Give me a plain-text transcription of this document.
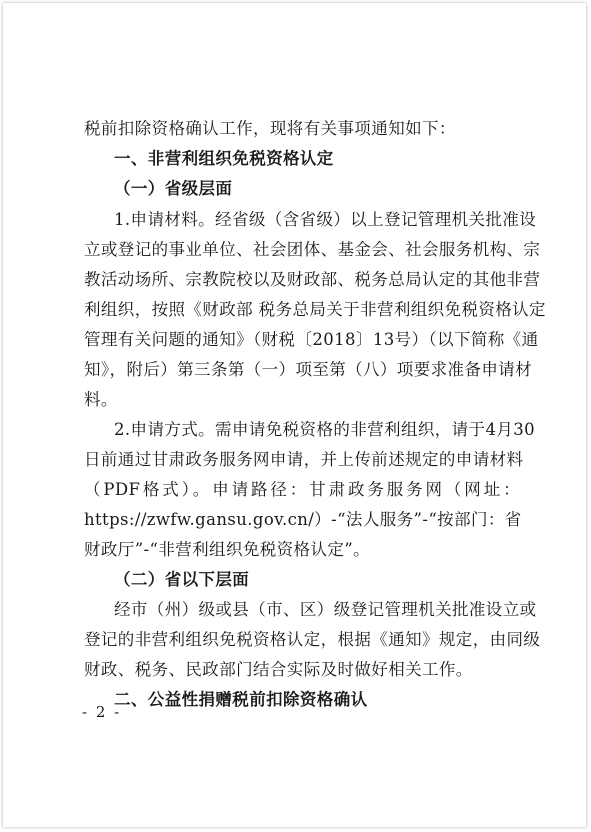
税前扣除资格确认工作，现将有关事项通知如下：
一、非营利组织免税资格认定
（一）省级层面
1.申请材料。经省级（含省级）以上登记管理机关批准设
立或登记的事业单位、社会团体、基金会、社会服务机构、宗
教活动场所、宗教院校以及财政部、税务总局认定的其他非营
利组织，按照《财政部 税务总局关于非营利组织免税资格认定
管理有关问题的通知》（财税〔2018〕13号）（以下简称《通
知》，附后）第三条第（一）项至第（八）项要求准备申请材
料。
2.申请方式。需申请免税资格的非营利组织，请于4月30
日前通过甘肃政务服务网申请，并上传前述规定的申请材料
（PDF格式）。申请路径：甘肃政务服务网（网址：
https://zwfw.gansu.gov.cn/）-“法人服务”-“按部门：省
财政厅”-“非营利组织免税资格认定”。
（二）省以下层面
经市（州）级或县（市、区）级登记管理机关批准设立或
登记的非营利组织免税资格认定，根据《通知》规定，由同级
财政、税务、民政部门结合实际及时做好相关工作。
二、公益性捐赠税前扣除资格确认
- 2 -
